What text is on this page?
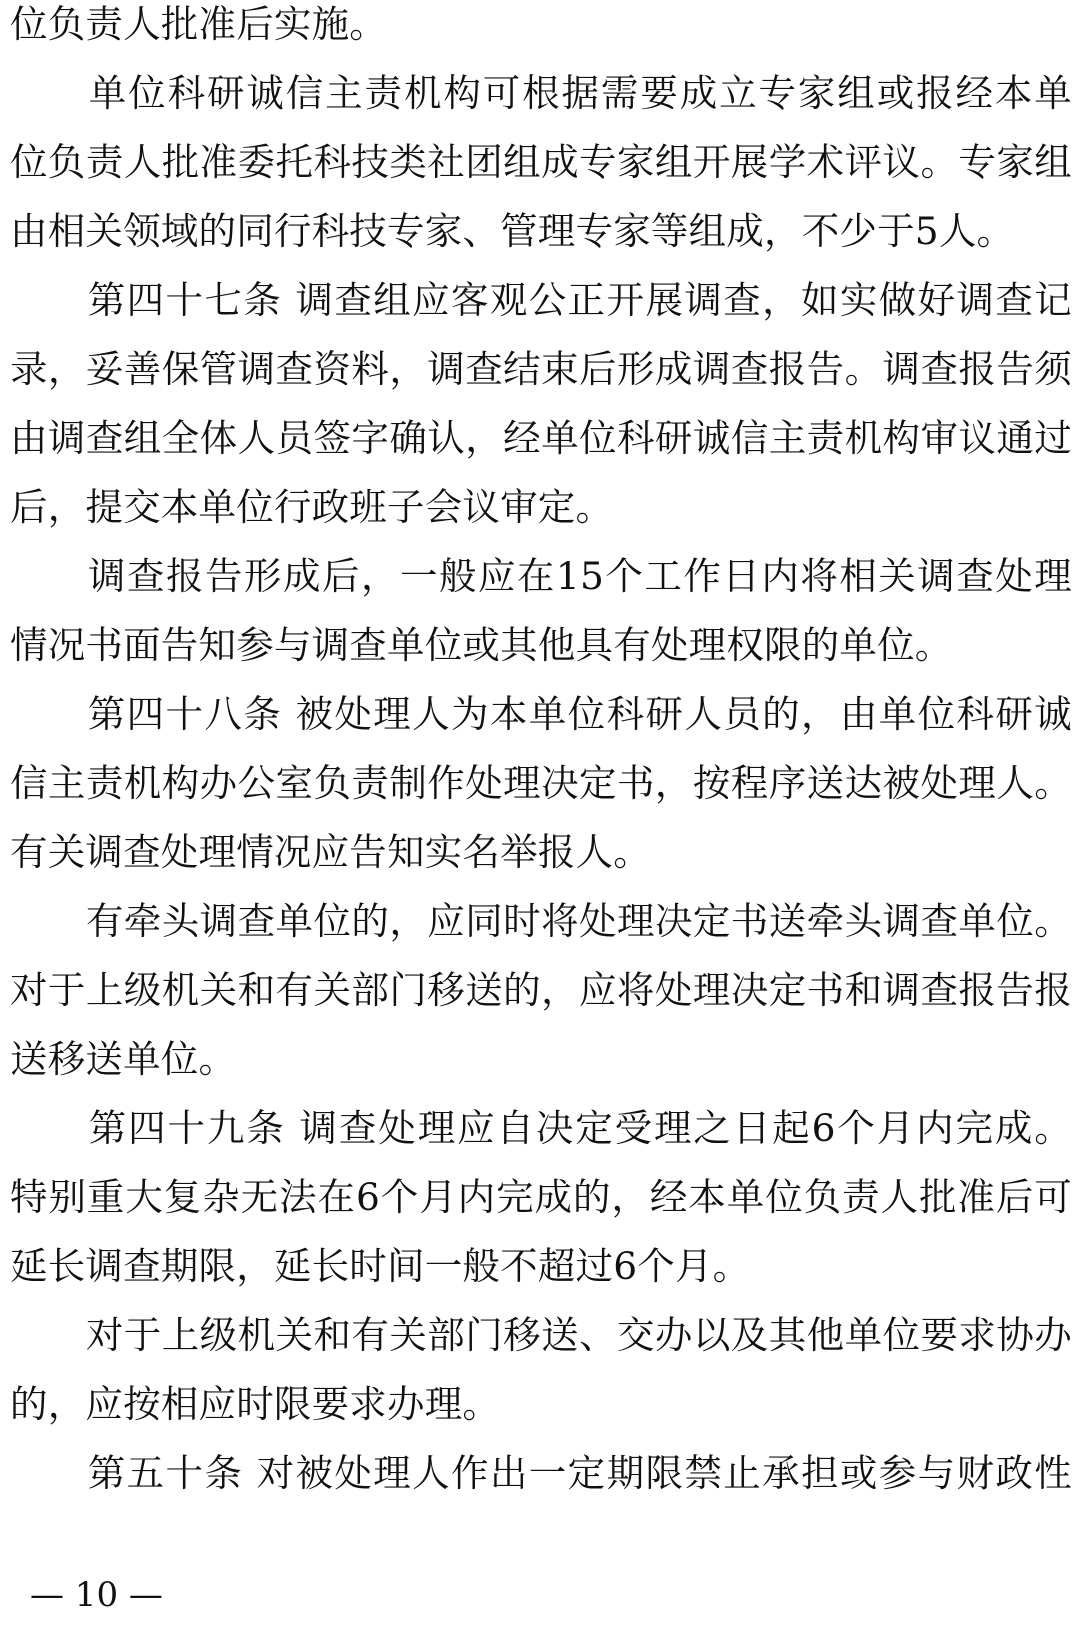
位负责人批准后实施。
　　单位科研诚信主责机构可根据需要成立专家组或报经本单
位负责人批准委托科技类社团组成专家组开展学术评议。专家组
由相关领域的同行科技专家、管理专家等组成，不少于5人。
　　第四十七条 调查组应客观公正开展调查，如实做好调查记
录，妥善保管调查资料，调查结束后形成调查报告。调查报告须
由调查组全体人员签字确认，经单位科研诚信主责机构审议通过
后，提交本单位行政班子会议审定。
　　调查报告形成后，一般应在15个工作日内将相关调查处理
情况书面告知参与调查单位或其他具有处理权限的单位。
　　第四十八条 被处理人为本单位科研人员的，由单位科研诚
信主责机构办公室负责制作处理决定书，按程序送达被处理人。
有关调查处理情况应告知实名举报人。
　　有牵头调查单位的，应同时将处理决定书送牵头调查单位。
对于上级机关和有关部门移送的，应将处理决定书和调查报告报
送移送单位。
　　第四十九条 调查处理应自决定受理之日起6个月内完成。
特别重大复杂无法在6个月内完成的，经本单位负责人批准后可
延长调查期限，延长时间一般不超过6个月。
　　对于上级机关和有关部门移送、交办以及其他单位要求协办
的，应按相应时限要求办理。
　　第五十条 对被处理人作出一定期限禁止承担或参与财政性
— 10 —
